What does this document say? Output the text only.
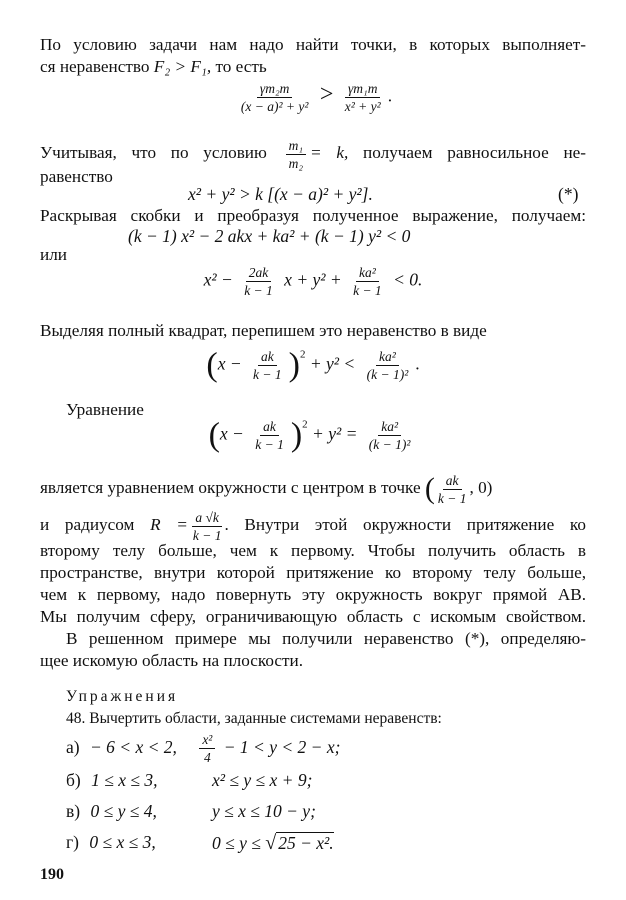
По условию задачи нам надо найти точки, в которых выполняет-
ся неравенство F₂ > F₁, то есть
$\frac{\text{γm₂m}}{\text{(x − a)² + y²}} > \frac{\text{γm₁m}}{\text{x² + y²}}$ .
Учитывая, что по условию $\frac{\text{m₁}}{\text{m₂}} = k$, получаем равносильное не-
равенство
x² + y² > k [(x − a)² + y²].	(*)
Раскрывая скобки и преобразуя полученное выражение, получаем:
(k − 1) x² − 2 akx + ka² + (k − 1) y² < 0
или
$x^2 - \frac{2ak}{k - 1}$ $x + y^2 + \frac{\text{ka²}}{k - 1} < 0$.
Выделяя полный квадрат, перепишем это неравенство в виде
$(x - \frac{ak}{k - 1} )^2 + y^2 < \frac{\text{ka²}}{\text{(k − 1)²}}$ .
Уравнение
$(x - \frac{ak}{k - 1} )^2 + y^2 = \frac{\text{ka²}}{\text{(k − 1)²}}$
является уравнением окружности с центром в точке ( $\frac{ak}{k - 1}$ , 0)
и радиусом $R = \frac{a √k}{k - 1}$ . Внутри этой окружности притяжение ко
второму телу больше, чем к первому. Чтобы получить область в
пространстве, внутри которой притяжение ко второму телу больше,
чем к первому, надо повернуть эту окружность вокруг прямой AB.
Мы получим сферу, ограничивающую область с искомым свойством.
В решенном примере мы получили неравенство (*), определяю-
щее искомую область на плоскости.
Упражнения
48. Вычертить области, заданные системами неравенств:
а) − 6 < x < 2, $\frac{\text{x²}}{4} - 1 < y < 2 - x$;
б) 1 ≤ x ≤ 3,	x² ≤ y ≤ x + 9;
в) 0 ≤ y ≤ 4,	y ≤ x ≤ 10 − y;
г) 0 ≤ x ≤ 3,	0 ≤ y ≤ √ 25 − x².
190
